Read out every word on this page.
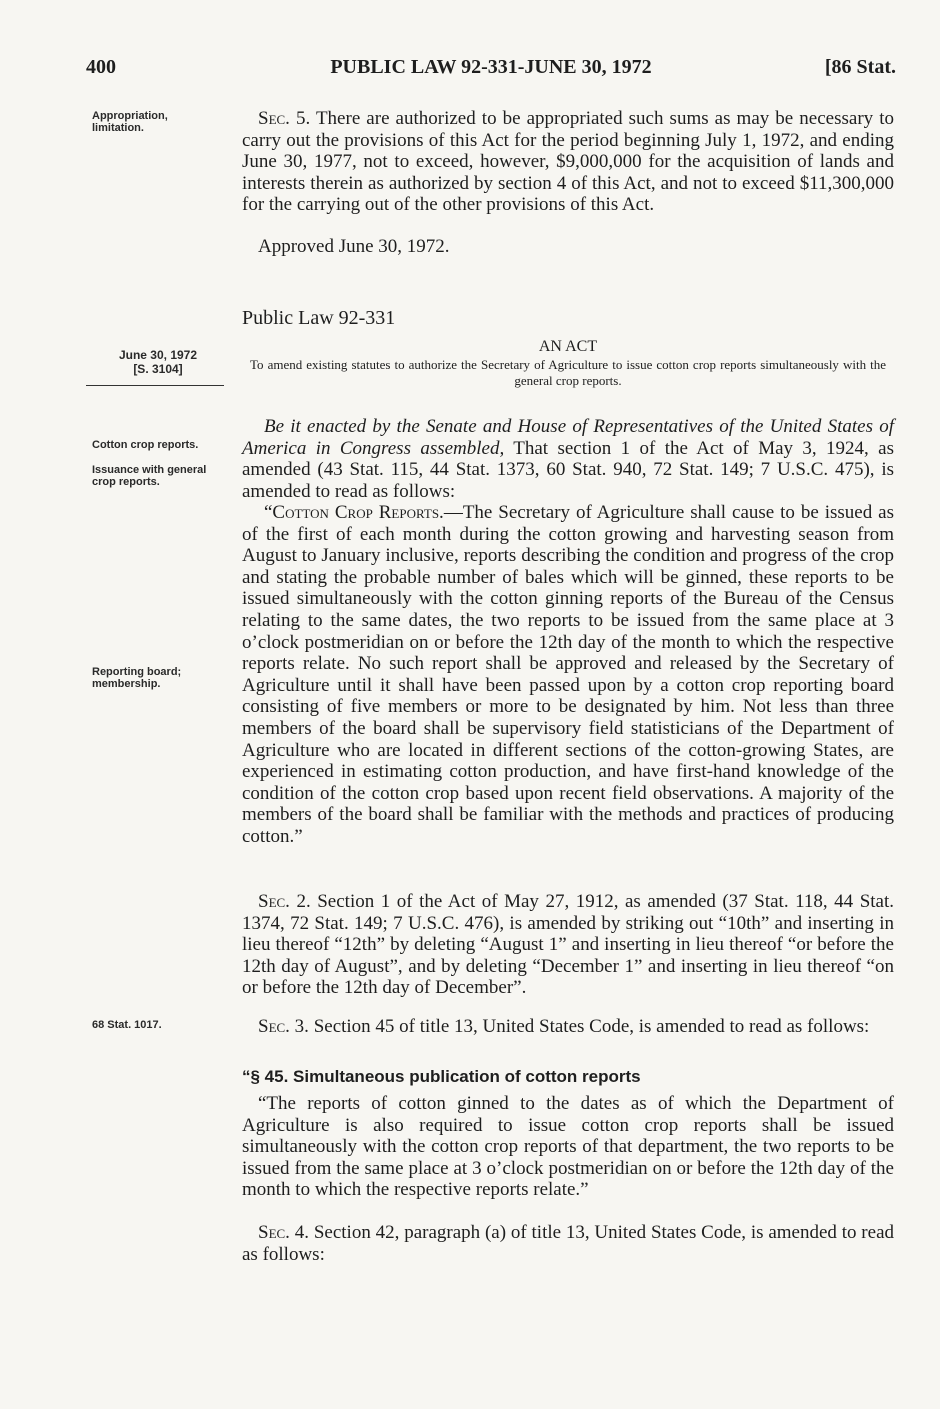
400	PUBLIC LAW 92-331-JUNE 30, 1972	[86 Stat.
Appropriation, limitation.
June 30, 1972
[S. 3104]
Cotton crop reports.
Issuance with general crop reports.
Reporting board; membership.
68 Stat. 1017.
Sec. 5. There are authorized to be appropriated such sums as may be necessary to carry out the provisions of this Act for the period beginning July 1, 1972, and ending June 30, 1977, not to exceed, however, $9,000,000 for the acquisition of lands and interests therein as authorized by section 4 of this Act, and not to exceed $11,300,000 for the carrying out of the other provisions of this Act.
Approved June 30, 1972.
Public Law 92-331
AN ACT
To amend existing statutes to authorize the Secretary of Agriculture to issue cotton crop reports simultaneously with the general crop reports.
Be it enacted by the Senate and House of Representatives of the United States of America in Congress assembled, That section 1 of the Act of May 3, 1924, as amended (43 Stat. 115, 44 Stat. 1373, 60 Stat. 940, 72 Stat. 149; 7 U.S.C. 475), is amended to read as follows:
“Cotton Crop Reports.—The Secretary of Agriculture shall cause to be issued as of the first of each month during the cotton growing and harvesting season from August to January inclusive, reports describing the condition and progress of the crop and stating the probable number of bales which will be ginned, these reports to be issued simultaneously with the cotton ginning reports of the Bureau of the Census relating to the same dates, the two reports to be issued from the same place at 3 o’clock postmeridian on or before the 12th day of the month to which the respective reports relate. No such report shall be approved and released by the Secretary of Agriculture until it shall have been passed upon by a cotton crop reporting board consisting of five members or more to be designated by him. Not less than three members of the board shall be supervisory field statisticians of the Department of Agriculture who are located in different sections of the cotton-growing States, are experienced in estimating cotton production, and have first-hand knowledge of the condition of the cotton crop based upon recent field observations. A majority of the members of the board shall be familiar with the methods and practices of producing cotton.”
Sec. 2. Section 1 of the Act of May 27, 1912, as amended (37 Stat. 118, 44 Stat. 1374, 72 Stat. 149; 7 U.S.C. 476), is amended by striking out “10th” and inserting in lieu thereof “12th” by deleting “August 1” and inserting in lieu thereof “or before the 12th day of August”, and by deleting “December 1” and inserting in lieu thereof “on or before the 12th day of December”.
Sec. 3. Section 45 of title 13, United States Code, is amended to read as follows:
“§ 45. Simultaneous publication of cotton reports
“The reports of cotton ginned to the dates as of which the Department of Agriculture is also required to issue cotton crop reports shall be issued simultaneously with the cotton crop reports of that department, the two reports to be issued from the same place at 3 o’clock postmeridian on or before the 12th day of the month to which the respective reports relate.”
Sec. 4. Section 42, paragraph (a) of title 13, United States Code, is amended to read as follows:
